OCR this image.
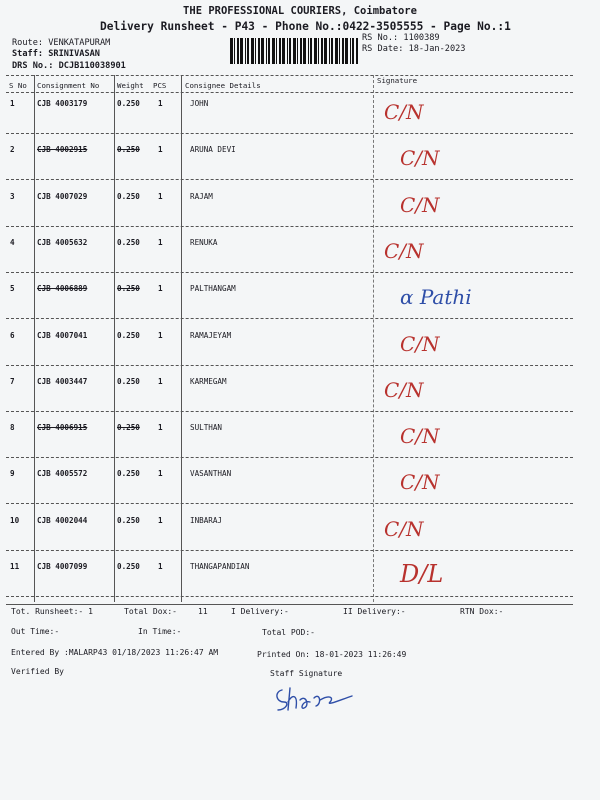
THE PROFESSIONAL COURIERS, Coimbatore
Delivery Runsheet - P43 - Phone No.:0422-3505555 - Page No.:1
Route: VENKATAPURAM
Staff: SRINIVASAN
DRS No.: DCJB110038901
RS No.: 1100389
RS Date: 18-Jan-2023
S No Consignment No Weight PCS	Consignee Details
Signature
1	CJB 4003179	0.250 1	JOHN	C/N
2	CJB 4002915	0.250 1	ARUNA DEVI	C/N
3	CJB 4007029	0.250 1	RAJAM	C/N
4	CJB 4005632	0.250 1	RENUKA	C/N
5	CJB 4006889	0.250 1	PALTHANGAM	ɑ Pathi
6	CJB 4007041	0.250 1	RAMAJEYAM	C/N
7	CJB 4003447	0.250 1	KARMEGAM	C/N
8	CJB 4006915	0.250 1	SULTHAN	C/N
9	CJB 4005572	0.250 1	VASANTHAN	C/N
10 CJB 4002044	0.250 1	INBARAJ	C/N
11 CJB 4007099	0.250 1	THANGAPANDIAN	D/L
Tot. Runsheet:- 1	Total Dox:-	11	I Delivery:-	II Delivery:-	RTN Dox:-
Out Time:-	In Time:-	Total POD:-
Entered By :MALARP43 01/18/2023 11:26:47 AM	Printed On: 18-01-2023 11:26:49
Verified By	Staff Signature
